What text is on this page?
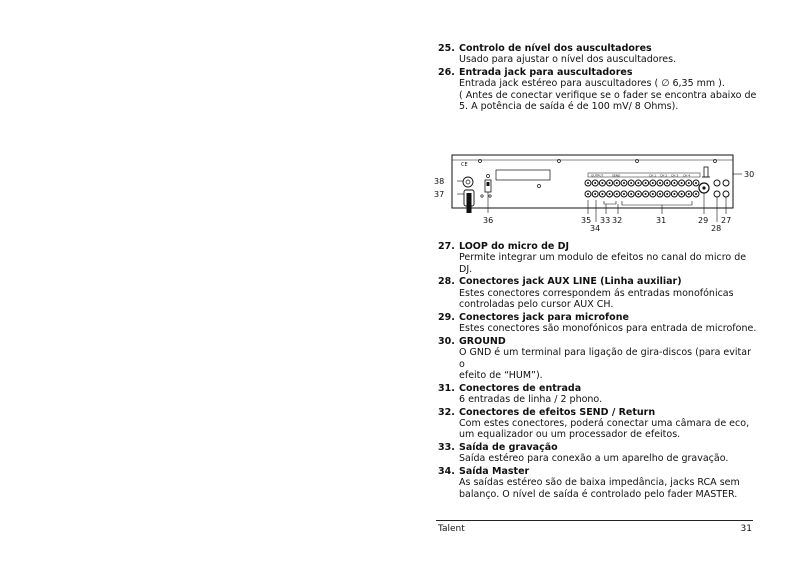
25. Controlo de nível dos auscultadores
Usado para ajustar o nível dos auscultadores.
26. Entrada jack para auscultadores
Entrada jack estéreo para auscultadores ( ∅ 6,35 mm ).
( Antes de conectar verifique se o fader se encontra abaixo de
5. A potência de saída é de 100 mV/ 8 Ohms).
CE
OUTPUT	SEND	CH 1 CH 2 CH 3 CH 4	30
38
37
36	35
34
33 32	31	29
28
27
27. LOOP do micro de DJ
Permite integrar um modulo de efeitos no canal do micro de
DJ.
28. Conectores jack AUX LINE (Linha auxiliar)
Estes conectores correspondem ás entradas monofónicas
controladas pelo cursor AUX CH.
29. Conectores jack para microfone
Estes conectores são monofónicos para entrada de microfone.
30. GROUND
O GND é um terminal para ligação de gira-discos (para evitar o
efeito de “HUM”).
31. Conectores de entrada
6 entradas de linha / 2 phono.
32. Conectores de efeitos SEND / Return
Com estes conectores, poderá conectar uma câmara de eco,
um equalizador ou um processador de efeitos.
33. Saída de gravação
Saída estéreo para conexão a um aparelho de gravação.
34. Saída Master
As saídas estéreo são de baixa impedância, jacks RCA sem
balanço. O nível de saída é controlado pelo fader MASTER.
Talent	31
